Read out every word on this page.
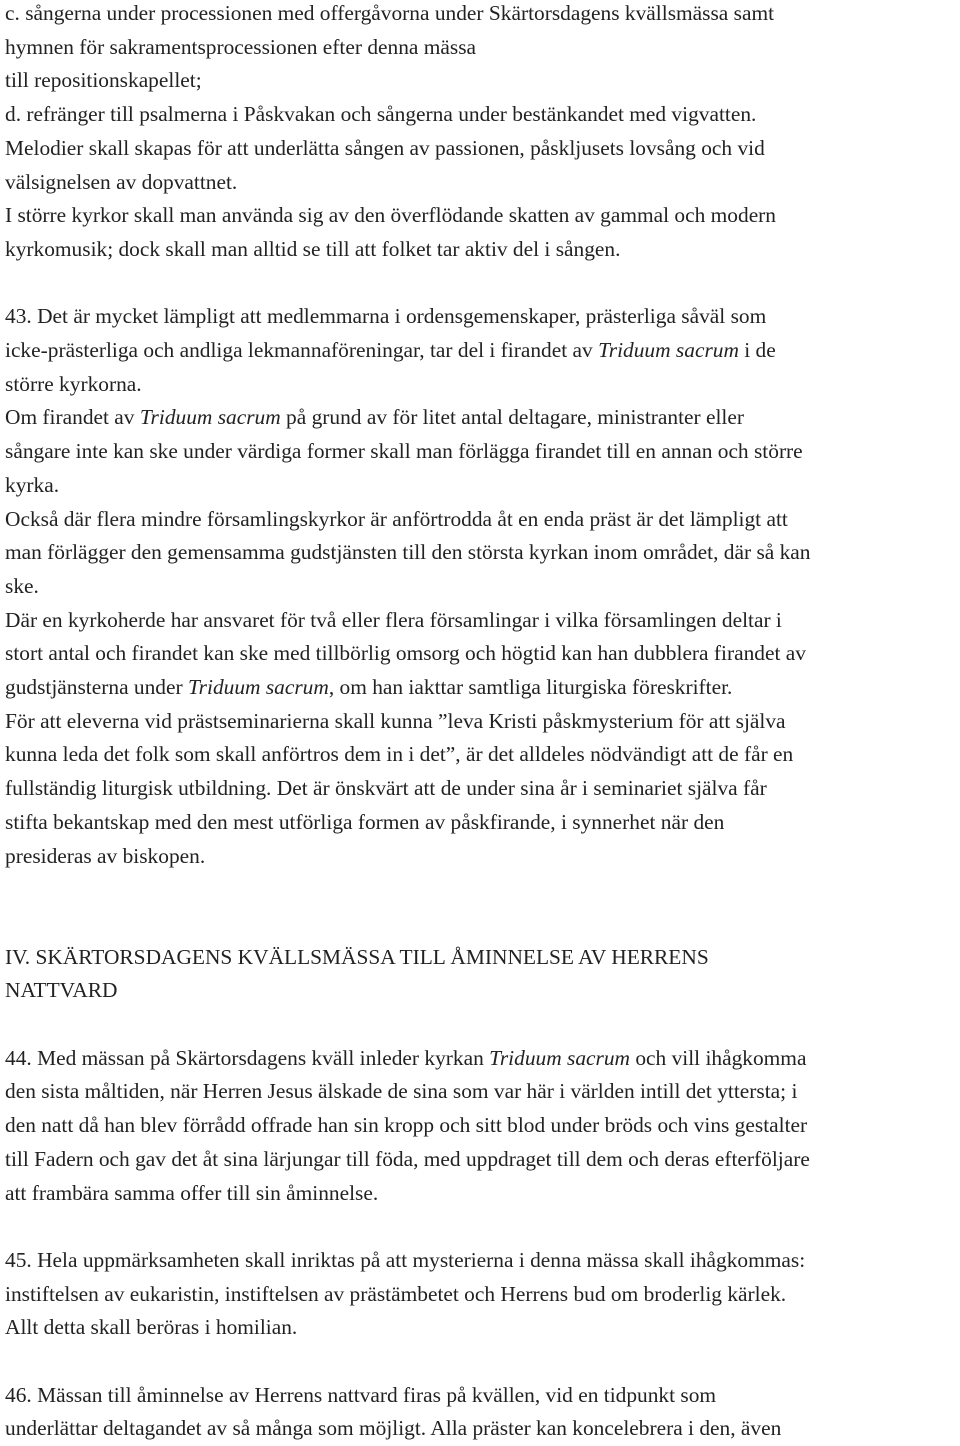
c. sångerna under processionen med offergåvorna under Skärtorsdagens kvällsmässa samt
hymnen för sakramentsprocessionen efter denna mässa
till repositionskapellet;
d. refränger till psalmerna i Påskvakan och sångerna under bestänkandet med vigvatten.
Melodier skall skapas för att underlätta sången av passionen, påskljusets lovsång och vid
välsignelsen av dopvattnet.
I större kyrkor skall man använda sig av den överflödande skatten av gammal och modern
kyrkomusik; dock skall man alltid se till att folket tar aktiv del i sången.
43. Det är mycket lämpligt att medlemmarna i ordensgemenskaper, prästerliga såväl som
icke-prästerliga och andliga lekmannaföreningar, tar del i firandet av Triduum sacrum i de
större kyrkorna.
Om firandet av Triduum sacrum på grund av för litet antal deltagare, ministranter eller
sångare inte kan ske under värdiga former skall man förlägga firandet till en annan och större
kyrka.
Också där flera mindre församlingskyrkor är anförtrodda åt en enda präst är det lämpligt att
man förlägger den gemensamma gudstjänsten till den största kyrkan inom området, där så kan
ske.
Där en kyrkoherde har ansvaret för två eller flera församlingar i vilka församlingen deltar i
stort antal och firandet kan ske med tillbörlig omsorg och högtid kan han dubblera firandet av
gudstjänsterna under Triduum sacrum, om han iakttar samtliga liturgiska föreskrifter.
För att eleverna vid prästseminarierna skall kunna ”leva Kristi påskmysterium för att själva
kunna leda det folk som skall anförtros dem in i det”, är det alldeles nödvändigt att de får en
fullständig liturgisk utbildning. Det är önskvärt att de under sina år i seminariet själva får
stifta bekantskap med den mest utförliga formen av påskfirande, i synnerhet när den
presideras av biskopen.
IV. SKÄRTORSDAGENS KVÄLLSMÄSSA TILL ÅMINNELSE AV HERRENS
NATTVARD
44. Med mässan på Skärtorsdagens kväll inleder kyrkan Triduum sacrum och vill ihågkomma
den sista måltiden, när Herren Jesus älskade de sina som var här i världen intill det yttersta; i
den natt då han blev förrådd offrade han sin kropp och sitt blod under bröds och vins gestalter
till Fadern och gav det åt sina lärjungar till föda, med uppdraget till dem och deras efterföljare
att frambära samma offer till sin åminnelse.
45. Hela uppmärksamheten skall inriktas på att mysterierna i denna mässa skall ihågkommas:
instiftelsen av eukaristin, instiftelsen av prästämbetet och Herrens bud om broderlig kärlek.
Allt detta skall beröras i homilian.
46. Mässan till åminnelse av Herrens nattvard firas på kvällen, vid en tidpunkt som
underlättar deltagandet av så många som möjligt. Alla präster kan koncelebrera i den, även
